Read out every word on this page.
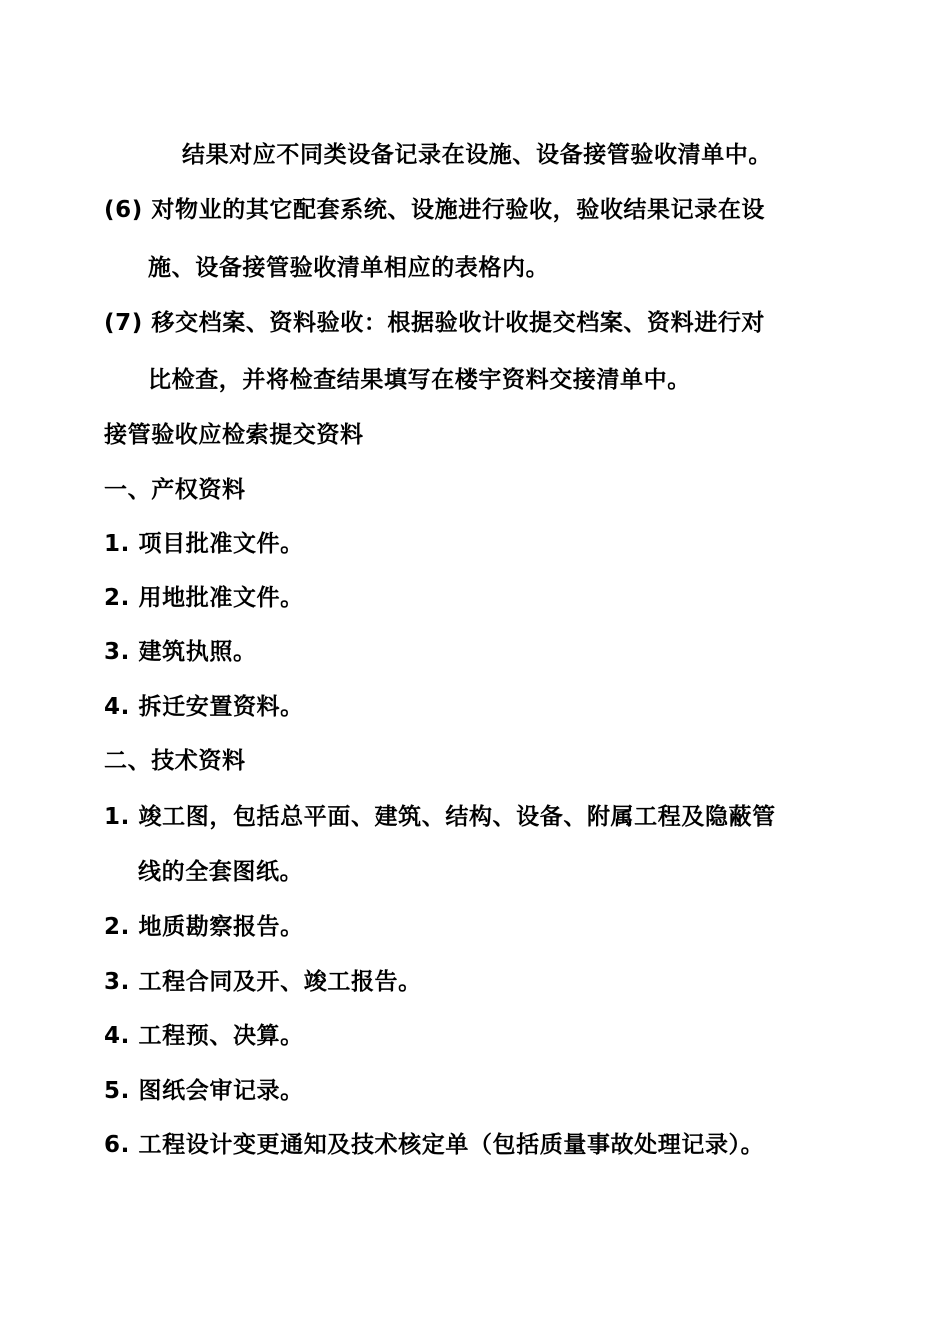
结果对应不同类设备记录在设施、设备接管验收清单中。
(6) 对物业的其它配套系统、设施进行验收，验收结果记录在设
施、设备接管验收清单相应的表格内。
(7) 移交档案、资料验收：根据验收计收提交档案、资料进行对
比检查，并将检查结果填写在楼宇资料交接清单中。
接管验收应检索提交资料
一、产权资料
1. 项目批准文件。
2. 用地批准文件。
3. 建筑执照。
4. 拆迁安置资料。
二、技术资料
1. 竣工图，包括总平面、建筑、结构、设备、附属工程及隐蔽管
线的全套图纸。
2. 地质勘察报告。
3. 工程合同及开、竣工报告。
4. 工程预、决算。
5. 图纸会审记录。
6. 工程设计变更通知及技术核定单（包括质量事故处理记录）。
